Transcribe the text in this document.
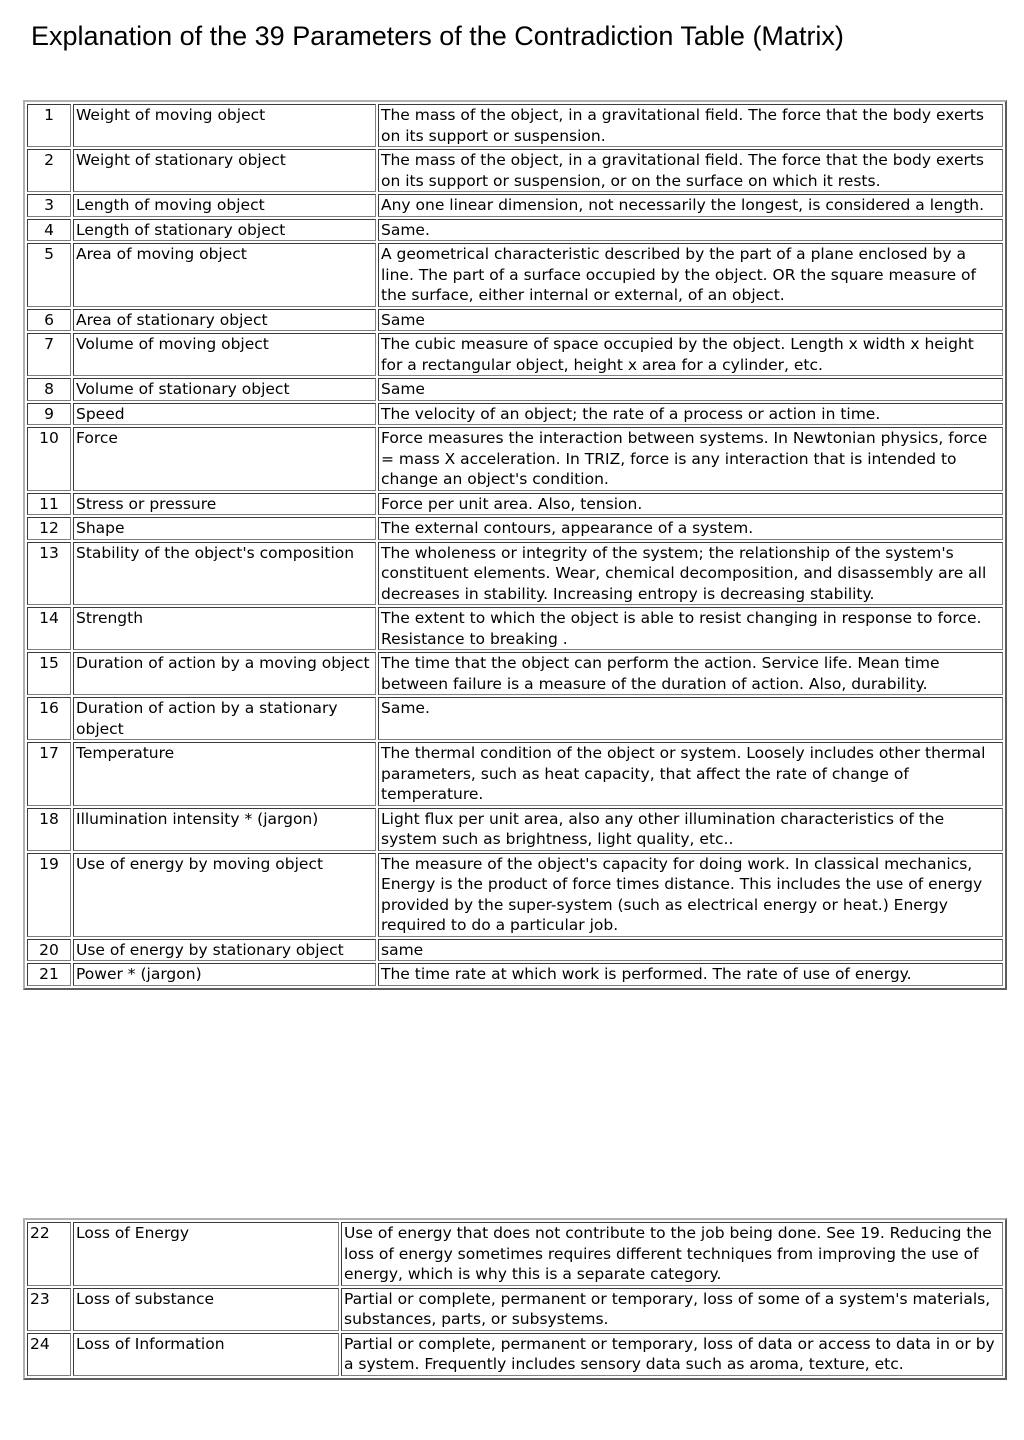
Explanation of the 39 Parameters of the Contradiction Table (Matrix)
1	Weight of moving object	The mass of the object, in a gravitational field. The force that the body exerts on its support or suspension.
2	Weight of stationary object	The mass of the object, in a gravitational field. The force that the body exerts on its support or suspension, or on the surface on which it rests.
3	Length of moving object	Any one linear dimension, not necessarily the longest, is considered a length.
4	Length of stationary object	Same.
5	Area of moving object	A geometrical characteristic described by the part of a plane enclosed by a line. The part of a surface occupied by the object. OR the square measure of the surface, either internal or external, of an object.
6	Area of stationary object	Same
7	Volume of moving object	The cubic measure of space occupied by the object. Length x width x height for a rectangular object, height x area for a cylinder, etc.
8	Volume of stationary object	Same
9	Speed	The velocity of an object; the rate of a process or action in time.
10	Force	Force measures the interaction between systems. In Newtonian physics, force = mass X acceleration. In TRIZ, force is any interaction that is intended to change an object's condition.
11	Stress or pressure	Force per unit area. Also, tension.
12	Shape	The external contours, appearance of a system.
13	Stability of the object's composition	The wholeness or integrity of the system; the relationship of the system's constituent elements. Wear, chemical decomposition, and disassembly are all decreases in stability. Increasing entropy is decreasing stability.
14	Strength	The extent to which the object is able to resist changing in response to force. Resistance to breaking .
15	Duration of action by a moving object	The time that the object can perform the action. Service life. Mean time between failure is a measure of the duration of action. Also, durability.
16	Duration of action by a stationary object	Same.
17	Temperature	The thermal condition of the object or system. Loosely includes other thermal parameters, such as heat capacity, that affect the rate of change of temperature.
18	Illumination intensity * (jargon)	Light flux per unit area, also any other illumination characteristics of the system such as brightness, light quality, etc..
19	Use of energy by moving object	The measure of the object's capacity for doing work. In classical mechanics, Energy is the product of force times distance. This includes the use of energy provided by the super-system (such as electrical energy or heat.) Energy required to do a particular job.
20	Use of energy by stationary object	same
21	Power * (jargon)	The time rate at which work is performed. The rate of use of energy.
22	Loss of Energy	Use of energy that does not contribute to the job being done. See 19. Reducing the loss of energy sometimes requires different techniques from improving the use of energy, which is why this is a separate category.
23	Loss of substance	Partial or complete, permanent or temporary, loss of some of a system's materials, substances, parts, or subsystems.
24	Loss of Information	Partial or complete, permanent or temporary, loss of data or access to data in or by a system. Frequently includes sensory data such as aroma, texture, etc.
